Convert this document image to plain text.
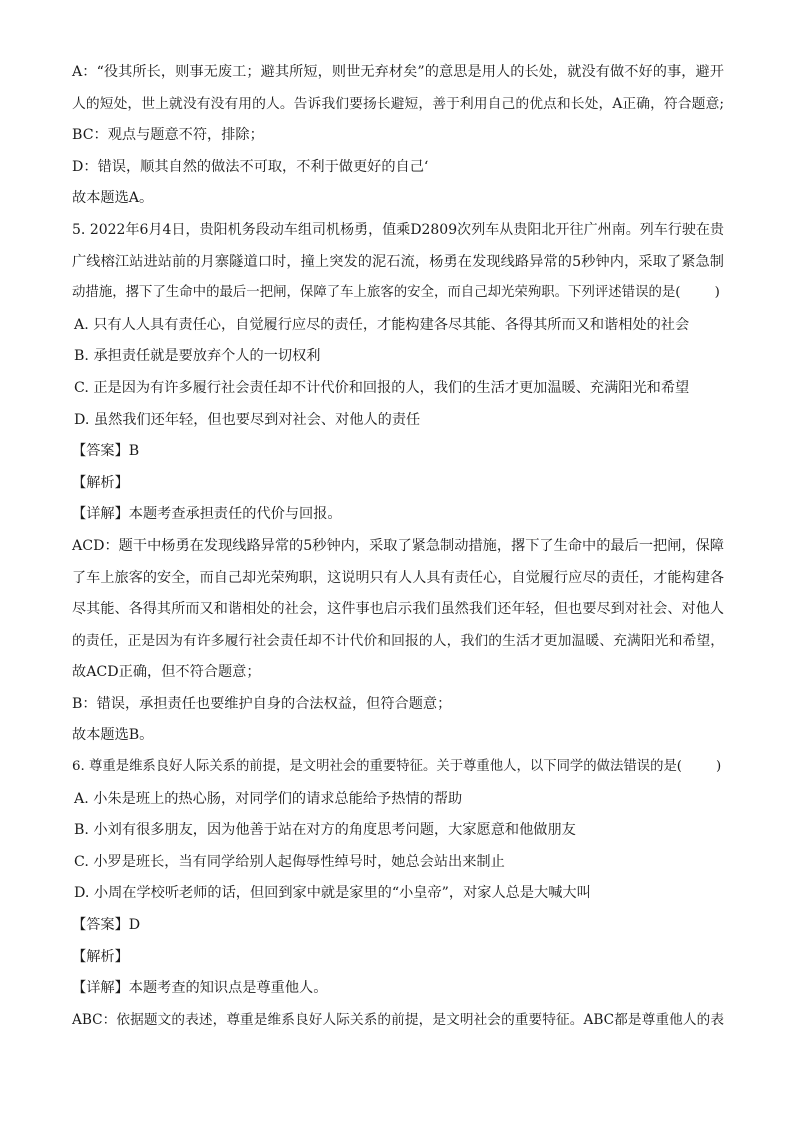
A：“役其所长，则事无废工；避其所短，则世无弃材矣”的意思是用人的长处，就没有做不好的事，避开
人的短处，世上就没有没有用的人。告诉我们要扬长避短，善于利用自己的优点和长处，A正确，符合题意;
BC：观点与题意不符，排除；
D：错误，顺其自然的做法不可取，不利于做更好的自己‘
故本题选A。
5. 2022年6月4日，贵阳机务段动车组司机杨勇，值乘D2809次列车从贵阳北开往广州南。列车行驶在贵
广线榕江站进站前的月寨隧道口时，撞上突发的泥石流，杨勇在发现线路异常的5秒钟内，采取了紧急制
动措施，撂下了生命中的最后一把闸，保障了车上旅客的安全，而自己却光荣殉职。下列评述错误的是(        )
A. 只有人人具有责任心，自觉履行应尽的责任，才能构建各尽其能、各得其所而又和谐相处的社会
B. 承担责任就是要放弃个人的一切权利
C. 正是因为有许多履行社会责任却不计代价和回报的人，我们的生活才更加温暖、充满阳光和希望
D. 虽然我们还年轻，但也要尽到对社会、对他人的责任
【答案】B
【解析】
【详解】本题考查承担责任的代价与回报。
ACD：题干中杨勇在发现线路异常的5秒钟内，采取了紧急制动措施，撂下了生命中的最后一把闸，保障
了车上旅客的安全，而自己却光荣殉职，这说明只有人人具有责任心，自觉履行应尽的责任，才能构建各
尽其能、各得其所而又和谐相处的社会，这件事也启示我们虽然我们还年轻，但也要尽到对社会、对他人
的责任，正是因为有许多履行社会责任却不计代价和回报的人，我们的生活才更加温暖、充满阳光和希望，
故ACD正确，但不符合题意；
B：错误，承担责任也要维护自身的合法权益，但符合题意；
故本题选B。
6. 尊重是维系良好人际关系的前提，是文明社会的重要特征。关于尊重他人，以下同学的做法错误的是(        )
A. 小朱是班上的热心肠，对同学们的请求总能给予热情的帮助
B. 小刘有很多朋友，因为他善于站在对方的角度思考问题，大家愿意和他做朋友
C. 小罗是班长，当有同学给别人起侮辱性绰号时，她总会站出来制止
D. 小周在学校听老师的话，但回到家中就是家里的“小皇帝”，对家人总是大喊大叫
【答案】D
【解析】
【详解】本题考查的知识点是尊重他人。
ABC：依据题文的表述，尊重是维系良好人际关系的前提，是文明社会的重要特征。ABC都是尊重他人的表
